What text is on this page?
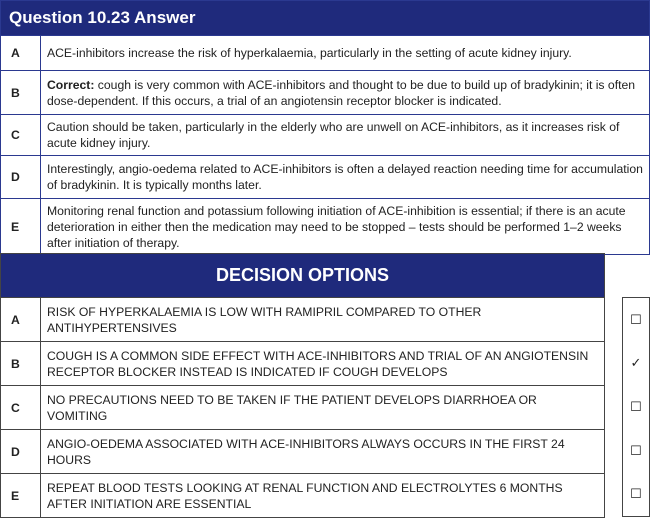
Question 10.23 Answer
A	ACE-inhibitors increase the risk of hyperkalaemia, particularly in the setting of acute kidney injury.
B
Correct: cough is very common with ACE-inhibitors and thought to be due to build up of bradykinin; it is often dose-dependent. If this occurs, a trial of an angiotensin receptor blocker is indicated.
C
Caution should be taken, particularly in the elderly who are unwell on ACE-inhibitors, as it increases risk of acute kidney injury.
D
Interestingly, angio-oedema related to ACE-inhibitors is often a delayed reaction needing time for accumulation of bradykinin. It is typically months later.
E
Monitoring renal function and potassium following initiation of ACE-inhibition is essential; if there is an acute deterioration in either then the medication may need to be stopped – tests should be performed 1–2 weeks after initiation of therapy.
DECISION OPTIONS
A
RISK OF HYPERKALAEMIA IS LOW WITH RAMIPRIL COMPARED TO OTHER ANTIHYPERTENSIVES
B
COUGH IS A COMMON SIDE EFFECT WITH ACE-INHIBITORS AND TRIAL OF AN ANGIOTENSIN RECEPTOR BLOCKER INSTEAD IS INDICATED IF COUGH DEVELOPS
C
NO PRECAUTIONS NEED TO BE TAKEN IF THE PATIENT DEVELOPS DIARRHOEA OR VOMITING
D
ANGIO-OEDEMA ASSOCIATED WITH ACE-INHIBITORS ALWAYS OCCURS IN THE FIRST 24 HOURS
E
REPEAT BLOOD TESTS LOOKING AT RENAL FUNCTION AND ELECTROLYTES 6 MONTHS AFTER INITIATION ARE ESSENTIAL
☐
✓
☐
☐
☐
